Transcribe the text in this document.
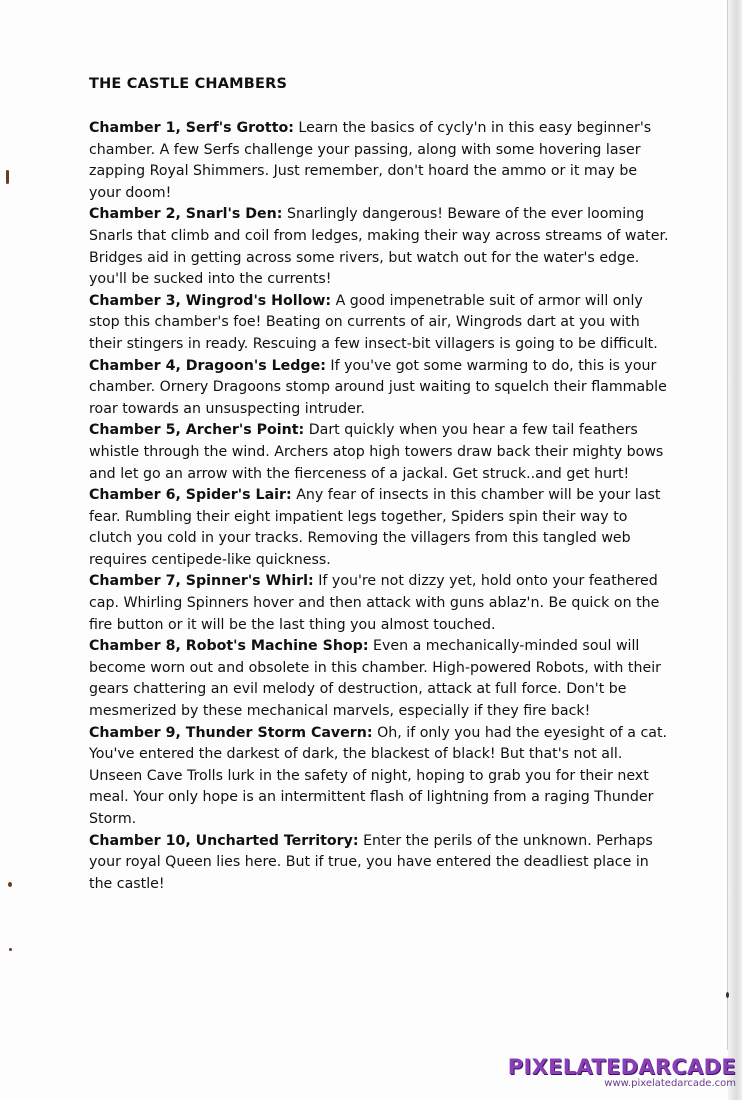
THE CASTLE CHAMBERS

Chamber 1, Serf's Grotto: Learn the basics of cycly'n in this easy beginner's chamber. A few Serfs challenge your passing, along with some hovering laser zapping Royal Shimmers. Just remember, don't hoard the ammo or it may be your doom!

Chamber 2, Snarl's Den: Snarlingly dangerous! Beware of the ever looming Snarls that climb and coil from ledges, making their way across streams of water. Bridges aid in getting across some rivers, but watch out for the water's edge. you'll be sucked into the currents!

Chamber 3, Wingrod's Hollow: A good impenetrable suit of armor will only stop this chamber's foe! Beating on currents of air, Wingrods dart at you with their stingers in ready. Rescuing a few insect-bit villagers is going to be difficult.

Chamber 4, Dragoon's Ledge: If you've got some warming to do, this is your chamber. Ornery Dragoons stomp around just waiting to squelch their flammable roar towards an unsuspecting intruder.

Chamber 5, Archer's Point: Dart quickly when you hear a few tail feathers whistle through the wind. Archers atop high towers draw back their mighty bows and let go an arrow with the fierceness of a jackal. Get struck..and get hurt!

Chamber 6, Spider's Lair: Any fear of insects in this chamber will be your last fear. Rumbling their eight impatient legs together, Spiders spin their way to clutch you cold in your tracks. Removing the villagers from this tangled web requires centipede-like quickness.

Chamber 7, Spinner's Whirl: If you're not dizzy yet, hold onto your feathered cap. Whirling Spinners hover and then attack with guns ablaz'n. Be quick on the fire button or it will be the last thing you almost touched.

Chamber 8, Robot's Machine Shop: Even a mechanically-minded soul will become worn out and obsolete in this chamber. High-powered Robots, with their gears chattering an evil melody of destruction, attack at full force. Don't be mesmerized by these mechanical marvels, especially if they fire back!

Chamber 9, Thunder Storm Cavern: Oh, if only you had the eyesight of a cat. You've entered the darkest of dark, the blackest of black! But that's not all. Unseen Cave Trolls lurk in the safety of night, hoping to grab you for their next meal. Your only hope is an intermittent flash of lightning from a raging Thunder Storm.

Chamber 10, Uncharted Territory: Enter the perils of the unknown. Perhaps your royal Queen lies here. But if true, you have entered the deadliest place in the castle!

PIXELATEDARCADE
www.pixelatedarcade.com
